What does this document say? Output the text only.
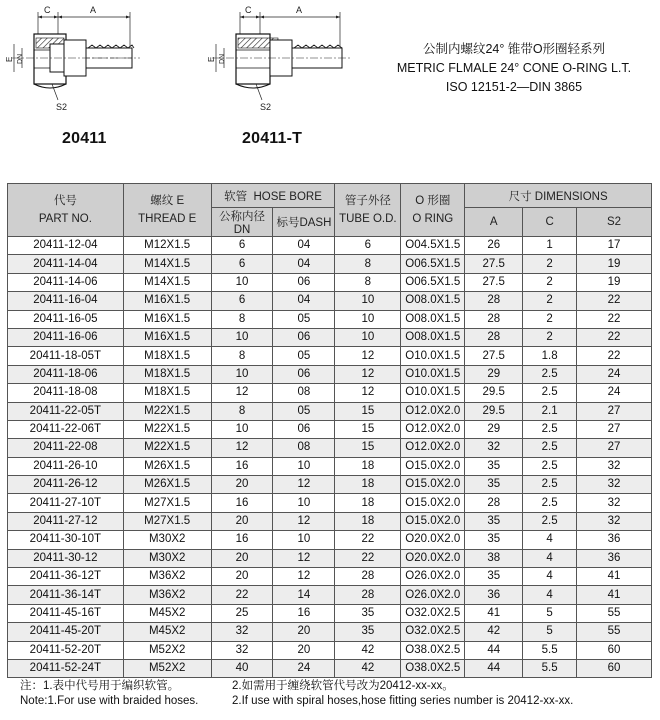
C	A
E DN
S2
C	A
E DN
S2
20411	20411-T
公制内螺纹24° 锥带O形圈轻系列
METRIC FLMALE 24° CONE O-RING L.T.
ISO 12151-2—DIN 3865
代号
PART NO.	螺纹 E
THREAD E	软管 HOSE BORE		管子外径
TUBE O.D.	O 形圈
O RING	尺寸 DIMENSIONS		
		公称内径DN	标号DASH			A	C	S2
20411-12-04	M12X1.5	6	04	6	O04.5X1.5	26	1	17
20411-14-04	M14X1.5	6	04	8	O06.5X1.5	27.5	2	19
20411-14-06	M14X1.5	10	06	8	O06.5X1.5	27.5	2	19
20411-16-04	M16X1.5	6	04	10	O08.0X1.5	28	2	22
20411-16-05	M16X1.5	8	05	10	O08.0X1.5	28	2	22
20411-16-06	M16X1.5	10	06	10	O08.0X1.5	28	2	22
20411-18-05T	M18X1.5	8	05	12	O10.0X1.5	27.5	1.8	22
20411-18-06	M18X1.5	10	06	12	O10.0X1.5	29	2.5	24
20411-18-08	M18X1.5	12	08	12	O10.0X1.5	29.5	2.5	24
20411-22-05T	M22X1.5	8	05	15	O12.0X2.0	29.5	2.1	27
20411-22-06T	M22X1.5	10	06	15	O12.0X2.0	29	2.5	27
20411-22-08	M22X1.5	12	08	15	O12.0X2.0	32	2.5	27
20411-26-10	M26X1.5	16	10	18	O15.0X2.0	35	2.5	32
20411-26-12	M26X1.5	20	12	18	O15.0X2.0	35	2.5	32
20411-27-10T	M27X1.5	16	10	18	O15.0X2.0	28	2.5	32
20411-27-12	M27X1.5	20	12	18	O15.0X2.0	35	2.5	32
20411-30-10T	M30X2	16	10	22	O20.0X2.0	35	4	36
20411-30-12	M30X2	20	12	22	O20.0X2.0	38	4	36
20411-36-12T	M36X2	20	12	28	O26.0X2.0	35	4	41
20411-36-14T	M36X2	22	14	28	O26.0X2.0	36	4	41
20411-45-16T	M45X2	25	16	35	O32.0X2.5	41	5	55
20411-45-20T	M45X2	32	20	35	O32.0X2.5	42	5	55
20411-52-20T	M52X2	32	20	42	O38.0X2.5	44	5.5	60
20411-52-24T	M52X2	40	24	42	O38.0X2.5	44	5.5	60
注：1.表中代号用于编织软管。	2.如需用于缠绕软管代号改为20412-xx-xx。
Note:1.For use with braided hoses.	2.If use with spiral hoses,hose fitting series number is 20412-xx-xx.
